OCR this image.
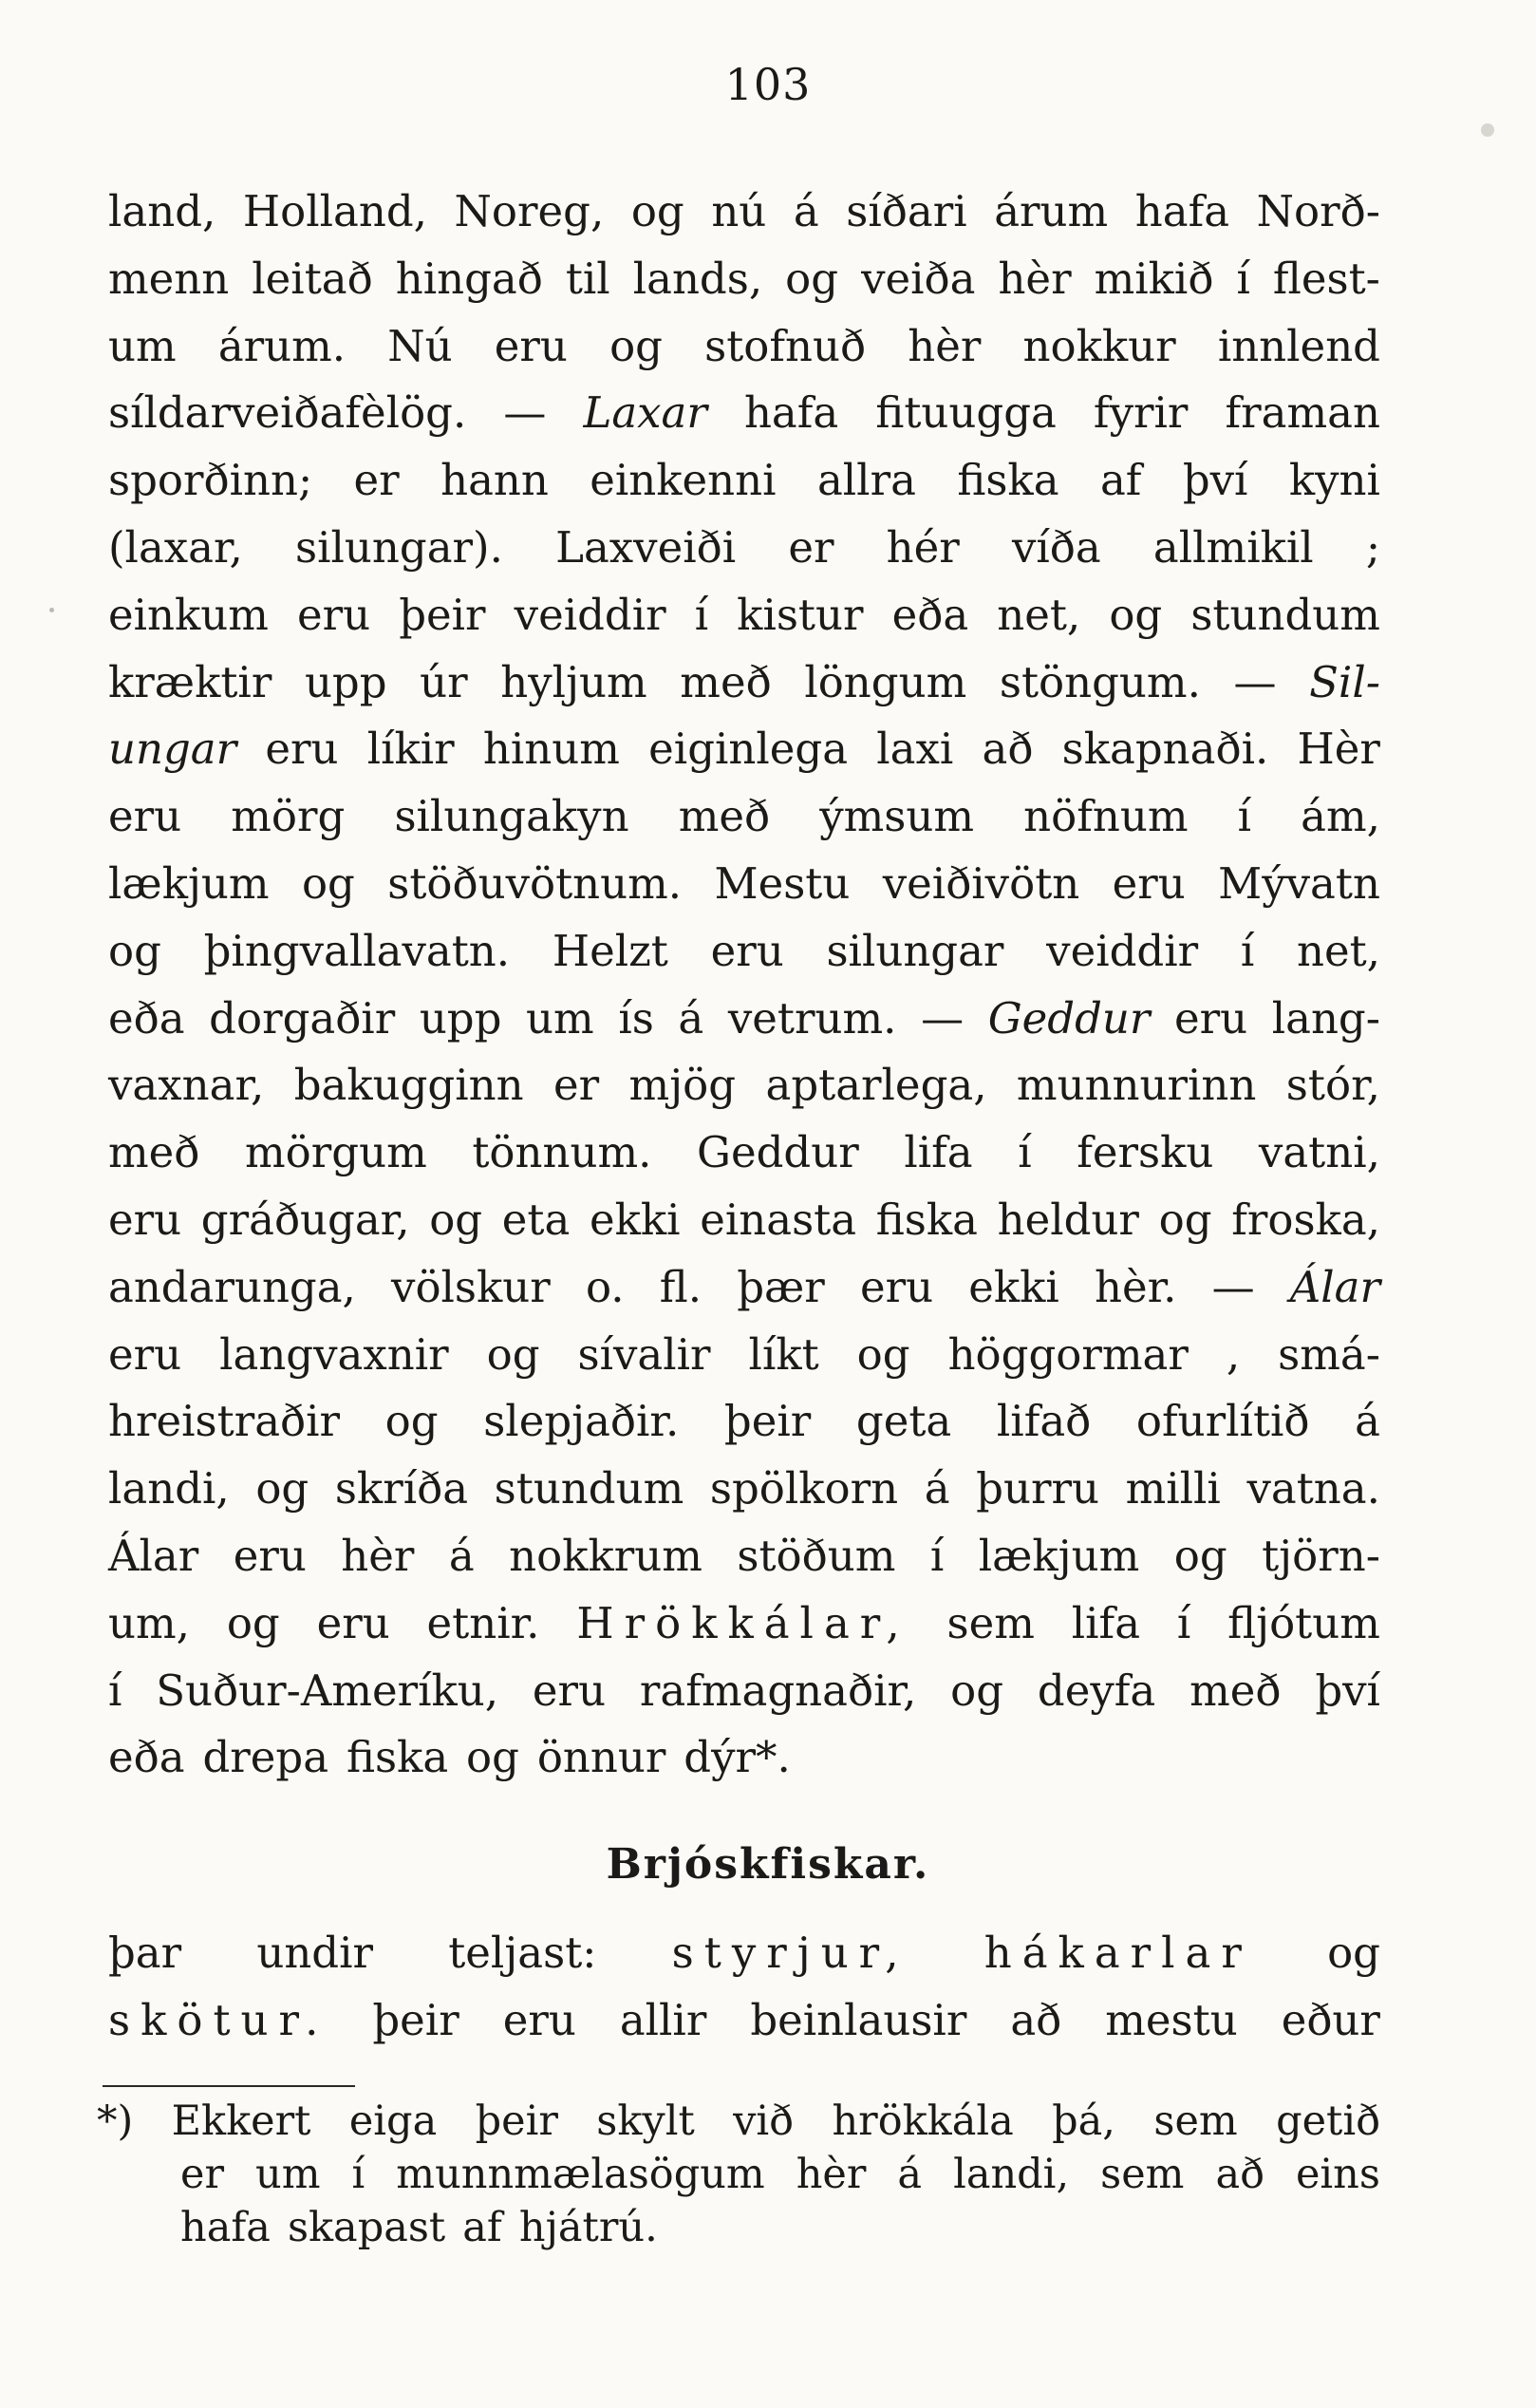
103
land, Holland, Noreg, og nú á síðari árum hafa Norð-
menn leitað hingað til lands, og veiða hèr mikið í flest-
um árum. Nú eru og stofnuð hèr nokkur innlend
síldarveiðafèlög. — Laxar hafa fituugga fyrir framan
sporðinn; er hann einkenni allra fiska af því kyni
(laxar, silungar). Laxveiði er hér víða allmikil ;
einkum eru þeir veiddir í kistur eða net, og stundum
kræktir upp úr hyljum með löngum stöngum. — Sil-
ungar eru líkir hinum eiginlega laxi að skapnaði. Hèr
eru mörg silungakyn með ýmsum nöfnum í ám,
lækjum og stöðuvötnum. Mestu veiðivötn eru Mývatn
og þingvallavatn. Helzt eru silungar veiddir í net,
eða dorgaðir upp um ís á vetrum. — Geddur eru lang-
vaxnar, bakugginn er mjög aptarlega, munnurinn stór,
með mörgum tönnum. Geddur lifa í fersku vatni,
eru gráðugar, og eta ekki einasta fiska heldur og froska,
andarunga, völskur o. fl. þær eru ekki hèr. — Álar
eru langvaxnir og sívalir líkt og höggormar , smá-
hreistraðir og slepjaðir. þeir geta lifað ofurlítið á
landi, og skríða stundum spölkorn á þurru milli vatna.
Álar eru hèr á nokkrum stöðum í lækjum og tjörn-
um, og eru etnir. Hrökkálar, sem lifa í fljótum
í Suður-Ameríku, eru rafmagnaðir, og deyfa með því
eða drepa fiska og önnur dýr*.
Brjóskfiskar.
þar undir teljast: styrjur, hákarlar og
skötur. þeir eru allir beinlausir að mestu eður
*) Ekkert eiga þeir skylt við hrökkála þá, sem getið
er um í munnmælasögum hèr á landi, sem að eins
hafa skapast af hjátrú.
